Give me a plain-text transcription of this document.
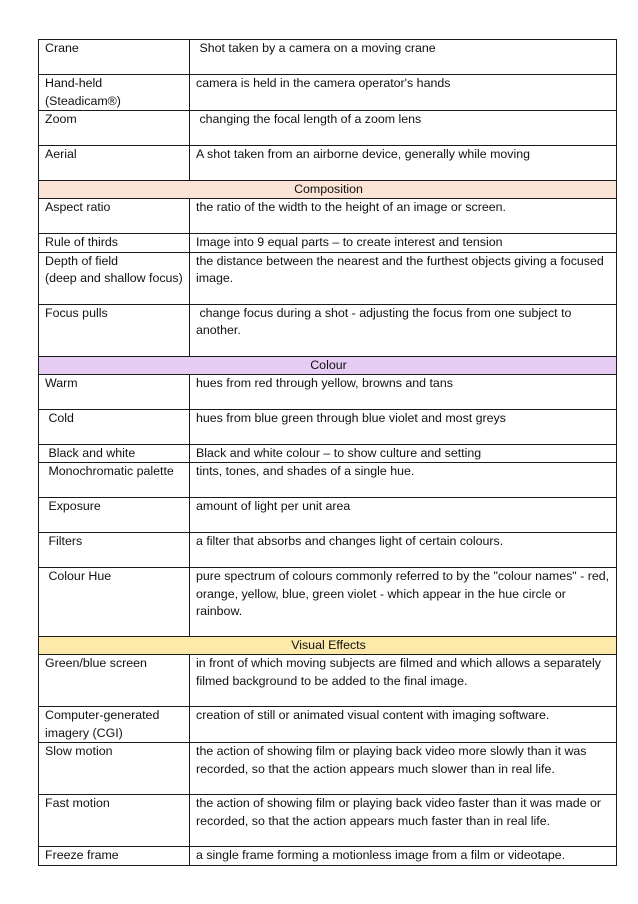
Crane	Shot taken by a camera on a moving crane
Hand-held
(Steadicam®)	camera is held in the camera operator's hands
Zoom	changing the focal length of a zoom lens
Aerial	A shot taken from an airborne device, generally while moving
Composition	
Aspect ratio	the ratio of the width to the height of an image or screen.
Rule of thirds	Image into 9 equal parts – to create interest and tension
Depth of field
(deep and shallow focus)	the distance between the nearest and the furthest objects giving a focused image.
Focus pulls	change focus during a shot - adjusting the focus from one subject to another.
Colour	
Warm	hues from red through yellow, browns and tans
Cold	hues from blue green through blue violet and most greys
Black and white	Black and white colour – to show culture and setting
Monochromatic palette	tints, tones, and shades of a single hue.
Exposure	amount of light per unit area
Filters	a filter that absorbs and changes light of certain colours.
Colour Hue	pure spectrum of colours commonly referred to by the "colour names" - red, orange, yellow, blue, green violet - which appear in the hue circle or rainbow.
Visual Effects	
Green/blue screen	in front of which moving subjects are filmed and which allows a separately filmed background to be added to the final image.
Computer-generated imagery (CGI)	creation of still or animated visual content with imaging software.
Slow motion	the action of showing film or playing back video more slowly than it was recorded, so that the action appears much slower than in real life.
Fast motion	the action of showing film or playing back video faster than it was made or recorded, so that the action appears much faster than in real life.
Freeze frame	a single frame forming a motionless image from a film or videotape.
